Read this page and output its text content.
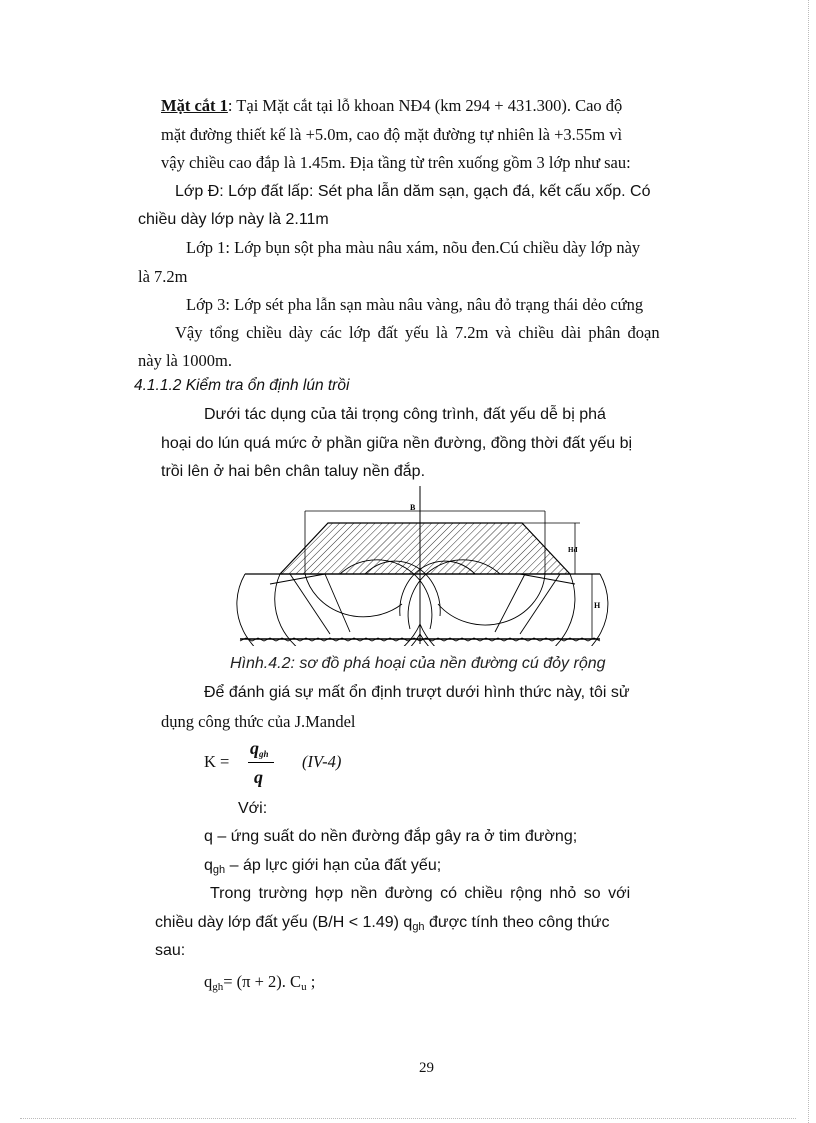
Mặt cắt 1: Tại Mặt cắt tại lỗ khoan NĐ4 (km 294 + 431.300). Cao độ
mặt đường thiết kế là +5.0m, cao độ mặt đường tự nhiên là +3.55m vì
vậy chiều cao đắp là 1.45m. Địa tầng từ trên xuống gồm 3 lớp như sau:
Lớp Đ: Lớp đất lấp: Sét pha lẫn dăm sạn, gạch đá, kết cấu xốp. Có
chiều dày lớp này là 2.11m
Lớp 1: Lớp bụn sột pha màu nâu xám, nõu đen.Cú chiều dày lớp này
là 7.2m
Lớp 3: Lớp sét pha lẫn sạn màu nâu vàng, nâu đỏ trạng thái dẻo cứng
Vậy tổng chiều dày các lớp đất yếu là 7.2m và chiều dài phân đoạn
này là 1000m.
4.1.1.2 Kiểm tra ổn định lún trồi
Dưới tác dụng của tải trọng công trình, đất yếu dễ bị phá
hoại do lún quá mức ở phần giữa nền đường, đồng thời đất yếu bị
trồi lên ở hai bên chân taluy nền đắp.
B
Hđ
H
Hình.4.2: sơ đồ phá hoại của nền đường cú đỏy rộng
Để đánh giá sự mất ổn định trượt dưới hình thức này, tôi sử
dụng công thức của J.Mandel
K =
$q_{gh}$
q
(IV-4)
Với:
q – ứng suất do nền đường đắp gây ra ở tim đường;
$q_{gh}$ – áp lực giới hạn của đất yếu;
Trong trường hợp nền đường có chiều rộng nhỏ so với
chiều dày lớp đất yếu (B/H < 1.49) $q_{gh}$ được tính theo công thức
sau:
$q_{gh}= (\pi + 2)$. $C_u$ ;
29
